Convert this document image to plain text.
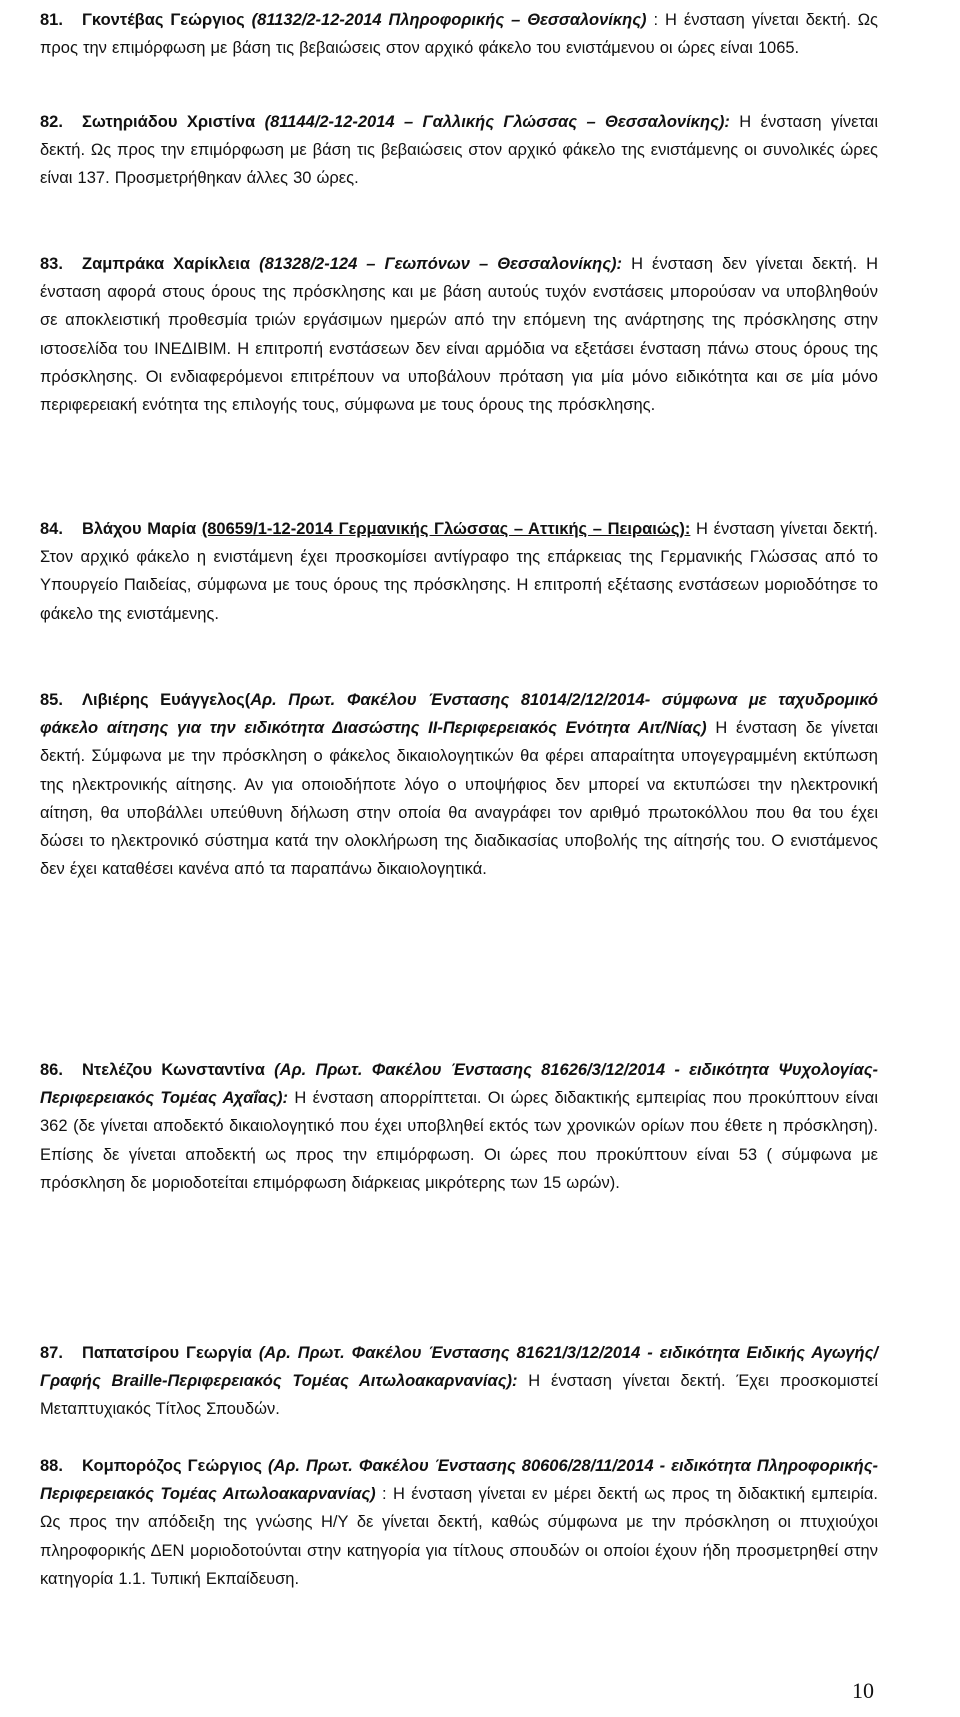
81. Γκοντέβας Γεώργιος (81132/2-12-2014 Πληροφορικής – Θεσσαλονίκης) : Η ένσταση γίνεται δεκτή. Ως προς την επιμόρφωση με βάση τις βεβαιώσεις στον αρχικό φάκελο του ενιστάμενου οι ώρες είναι 1065.

82. Σωτηριάδου Χριστίνα (81144/2-12-2014 – Γαλλικής Γλώσσας – Θεσσαλονίκης): Η ένσταση γίνεται δεκτή. Ως προς την επιμόρφωση με βάση τις βεβαιώσεις στον αρχικό φάκελο της ενιστάμενης οι συνολικές ώρες είναι 137. Προσμετρήθηκαν άλλες 30 ώρες.

83. Ζαμπράκα Χαρίκλεια (81328/2-124 – Γεωπόνων – Θεσσαλονίκης): Η ένσταση δεν γίνεται δεκτή. Η ένσταση αφορά στους όρους της πρόσκλησης και με βάση αυτούς τυχόν ενστάσεις μπορούσαν να υποβληθούν σε αποκλειστική προθεσμία τριών εργάσιμων ημερών από την επόμενη της ανάρτησης της πρόσκλησης στην ιστοσελίδα του ΙΝΕΔΙΒΙΜ. Η επιτροπή ενστάσεων δεν είναι αρμόδια να εξετάσει ένσταση πάνω στους όρους της πρόσκλησης. Οι ενδιαφερόμενοι επιτρέπουν να υποβάλουν πρόταση για μία μόνο ειδικότητα και σε μία μόνο περιφερειακή ενότητα της επιλογής τους, σύμφωνα με τους όρους της πρόσκλησης.

84. Βλάχου Μαρία (80659/1-12-2014 Γερμανικής Γλώσσας – Αττικής – Πειραιώς): Η ένσταση γίνεται δεκτή. Στον αρχικό φάκελο η ενιστάμενη έχει προσκομίσει αντίγραφο της επάρκειας της Γερμανικής Γλώσσας από το Υπουργείο Παιδείας, σύμφωνα με τους όρους της πρόσκλησης. Η επιτροπή εξέτασης ενστάσεων μοριοδότησε το φάκελο της ενιστάμενης.

85. Λιβιέρης Ευάγγελος(Αρ. Πρωτ. Φακέλου Ένστασης 81014/2/12/2014- σύμφωνα με ταχυδρομικό φάκελο αίτησης για την ειδικότητα Διασώστης ΙΙ-Περιφερειακός Ενότητα Αιτ/Νίας) Η ένσταση δε γίνεται δεκτή. Σύμφωνα με την πρόσκληση ο φάκελος δικαιολογητικών θα φέρει απαραίτητα υπογεγραμμένη εκτύπωση της ηλεκτρονικής αίτησης. Αν για οποιοδήποτε λόγο ο υποψήφιος δεν μπορεί να εκτυπώσει την ηλεκτρονική αίτηση, θα υποβάλλει υπεύθυνη δήλωση στην οποία θα αναγράφει τον αριθμό πρωτοκόλλου που θα του έχει δώσει το ηλεκτρονικό σύστημα κατά την ολοκλήρωση της διαδικασίας υποβολής της αίτησής του. Ο ενιστάμενος δεν έχει καταθέσει κανένα από τα παραπάνω δικαιολογητικά.

86. Ντελέζου Κωνσταντίνα (Αρ. Πρωτ. Φακέλου Ένστασης 81626/3/12/2014 - ειδικότητα Ψυχολογίας-Περιφερειακός Τομέας Αχαΐας): Η ένσταση απορρίπτεται. Οι ώρες διδακτικής εμπειρίας που προκύπτουν είναι 362 (δε γίνεται αποδεκτό δικαιολογητικό που έχει υποβληθεί εκτός των χρονικών ορίων που έθετε η πρόσκληση). Επίσης δε γίνεται αποδεκτή ως προς την επιμόρφωση. Οι ώρες που προκύπτουν είναι 53 ( σύμφωνα με πρόσκληση δε μοριοδοτείται επιμόρφωση διάρκειας μικρότερης των 15 ωρών).

87. Παπατσίρου Γεωργία (Αρ. Πρωτ. Φακέλου Ένστασης 81621/3/12/2014 - ειδικότητα Ειδικής Αγωγής/Γραφής Braille-Περιφερειακός Τομέας Αιτωλοακαρνανίας): Η ένσταση γίνεται δεκτή. Έχει προσκομιστεί Μεταπτυχιακός Τίτλος Σπουδών.

88. Κομπορόζος Γεώργιος (Αρ. Πρωτ. Φακέλου Ένστασης 80606/28/11/2014 - ειδικότητα Πληροφορικής-Περιφερειακός Τομέας Αιτωλοακαρνανίας) : Η ένσταση γίνεται εν μέρει δεκτή ως προς τη διδακτική εμπειρία. Ως προς την απόδειξη της γνώσης Η/Υ δε γίνεται δεκτή, καθώς σύμφωνα με την πρόσκληση οι πτυχιούχοι πληροφορικής ΔΕΝ μοριοδοτούνται στην κατηγορία για τίτλους σπουδών οι οποίοι έχουν ήδη προσμετρηθεί στην κατηγορία 1.1. Τυπική Εκπαίδευση.

10
